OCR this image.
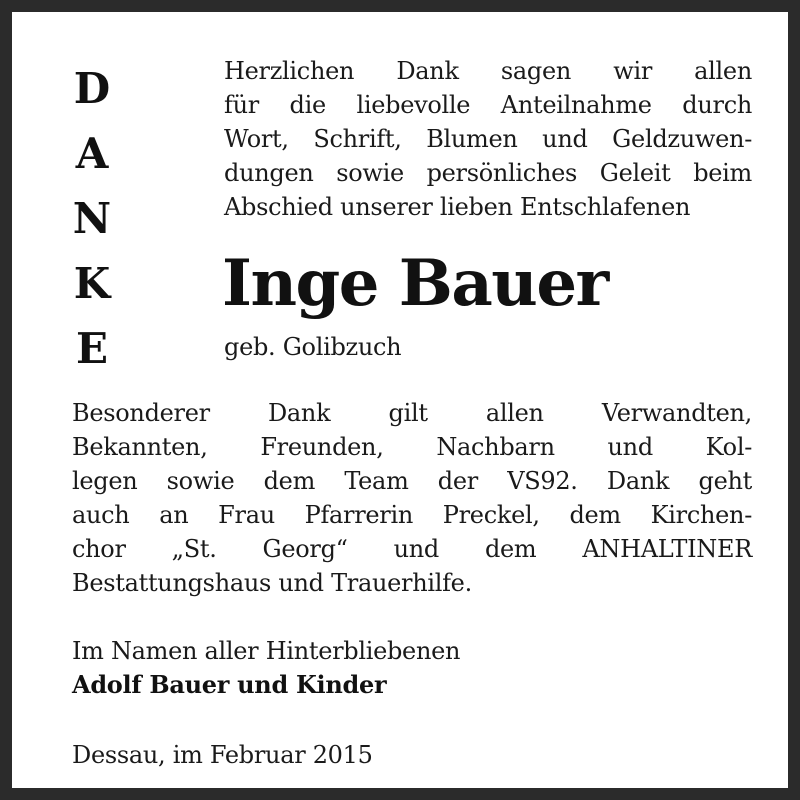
D
A
N
K
E
Herzlichen Dank sagen wir allen
für die liebevolle Anteilnahme durch
Wort, Schrift, Blumen und Geldzuwen-
dungen sowie persönliches Geleit beim
Abschied unserer lieben Entschlafenen
Inge Bauer
geb. Golibzuch
Besonderer Dank gilt allen Verwandten,
Bekannten, Freunden, Nachbarn und Kol-
legen sowie dem Team der VS92. Dank geht
auch an Frau Pfarrerin Preckel, dem Kirchen-
chor „St. Georg“ und dem ANHALTINER
Bestattungshaus und Trauerhilfe.
Im Namen aller Hinterbliebenen
Adolf Bauer und Kinder
Dessau, im Februar 2015
